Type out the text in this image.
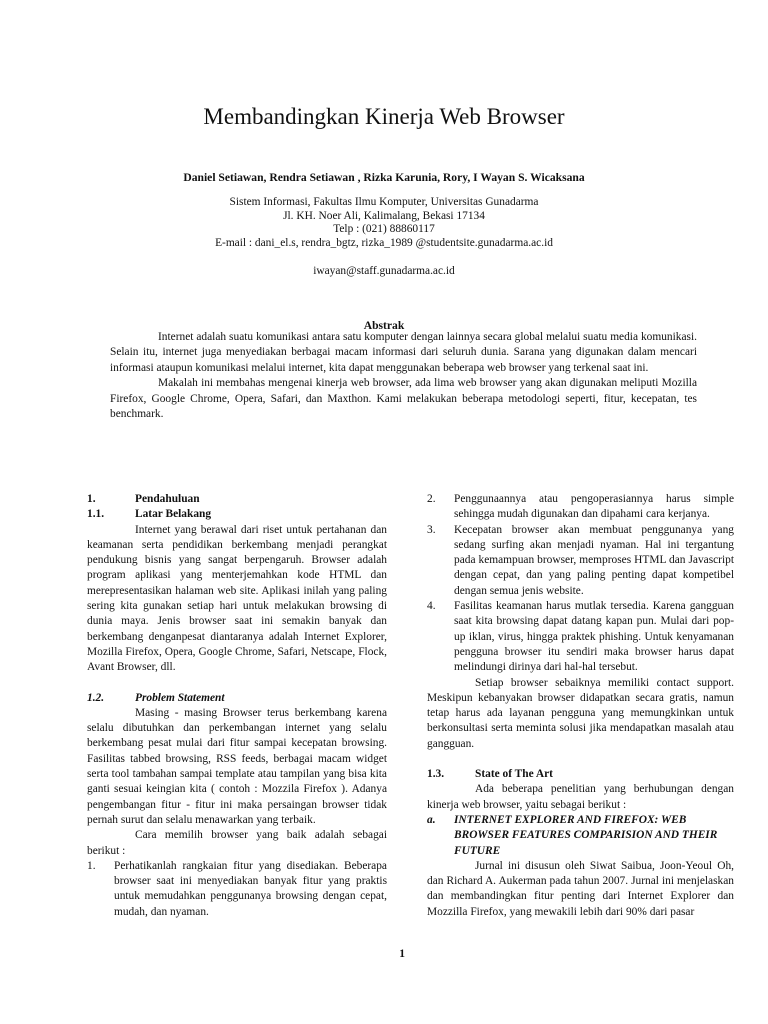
Membandingkan Kinerja Web Browser
Daniel Setiawan, Rendra Setiawan , Rizka Karunia, Rory, I Wayan S. Wicaksana
Sistem Informasi, Fakultas Ilmu Komputer, Universitas Gunadarma
Jl. KH. Noer Ali, Kalimalang, Bekasi 17134
Telp : (021) 88860117
E-mail : dani_el.s, rendra_bgtz, rizka_1989 @studentsite.gunadarma.ac.id
iwayan@staff.gunadarma.ac.id
Abstrak

Internet adalah suatu komunikasi antara satu komputer dengan lainnya secara global melalui suatu media komunikasi. Selain itu, internet juga menyediakan berbagai macam informasi dari seluruh dunia. Sarana yang digunakan dalam mencari informasi ataupun komunikasi melalui internet, kita dapat menggunakan beberapa web browser yang terkenal saat ini.

Makalah ini membahas mengenai kinerja web browser, ada lima web browser yang akan digunakan meliputi Mozilla Firefox, Google Chrome, Opera, Safari, dan Maxthon. Kami melakukan beberapa metodologi seperti, fitur, kecepatan, tes benchmark.

1.	Pendahuluan
1.1.	Latar Belakang

Internet yang berawal dari riset untuk pertahanan dan keamanan serta pendidikan berkembang menjadi perangkat pendukung bisnis yang sangat berpengaruh. Browser adalah program aplikasi yang menterjemahkan kode HTML dan merepresentasikan halaman web site. Aplikasi inilah yang paling sering kita gunakan setiap hari untuk melakukan browsing di dunia maya. Jenis browser saat ini semakin banyak dan berkembang denganpesat diantaranya adalah Internet Explorer, Mozilla Firefox, Opera, Google Chrome, Safari, Netscape, Flock, Avant Browser, dll.

1.2.	Problem Statement

Masing - masing Browser terus berkembang karena selalu dibutuhkan dan perkembangan internet yang selalu berkembang pesat mulai dari fitur sampai kecepatan browsing. Fasilitas tabbed browsing, RSS feeds, berbagai macam widget serta tool tambahan sampai template atau tampilan yang bisa kita ganti sesuai keingian kita ( contoh : Mozzila Firefox ). Adanya pengembangan fitur - fitur ini maka persaingan browser tidak pernah surut dan selalu menawarkan yang terbaik.

Cara memilih browser yang baik adalah sebagai berikut :

1.	Perhatikanlah rangkaian fitur yang disediakan. Beberapa browser saat ini menyediakan banyak fitur yang praktis untuk memudahkan penggunanya browsing dengan cepat, mudah, dan nyaman.
2.	Penggunaannya atau pengoperasiannya harus simple sehingga mudah digunakan dan dipahami cara kerjanya.
3.	Kecepatan browser akan membuat penggunanya yang sedang surfing akan menjadi nyaman. Hal ini tergantung pada kemampuan browser, memproses HTML dan Javascript dengan cepat, dan yang paling penting dapat kompetibel dengan semua jenis website.
4.	Fasilitas keamanan harus mutlak tersedia. Karena gangguan saat kita browsing dapat datang kapan pun. Mulai dari pop-up iklan, virus, hingga praktek phishing. Untuk kenyamanan pengguna browser itu sendiri maka browser harus dapat melindungi dirinya dari hal-hal tersebut.

Setiap browser sebaiknya memiliki contact support. Meskipun kebanyakan browser didapatkan secara gratis, namun tetap harus ada layanan pengguna yang memungkinkan untuk berkonsultasi serta meminta solusi jika mendapatkan masalah atau gangguan.

1.3.	State of The Art

Ada beberapa penelitian yang berhubungan dengan kinerja web browser, yaitu sebagai berikut :

a.	INTERNET EXPLORER AND FIREFOX: WEB BROWSER FEATURES COMPARISION AND THEIR FUTURE

Jurnal ini disusun oleh Siwat Saibua, Joon-Yeoul Oh, dan Richard A. Aukerman pada tahun 2007. Jurnal ini menjelaskan dan membandingkan fitur penting dari Internet Explorer dan Mozzilla Firefox, yang mewakili lebih dari 90% dari pasar

1
